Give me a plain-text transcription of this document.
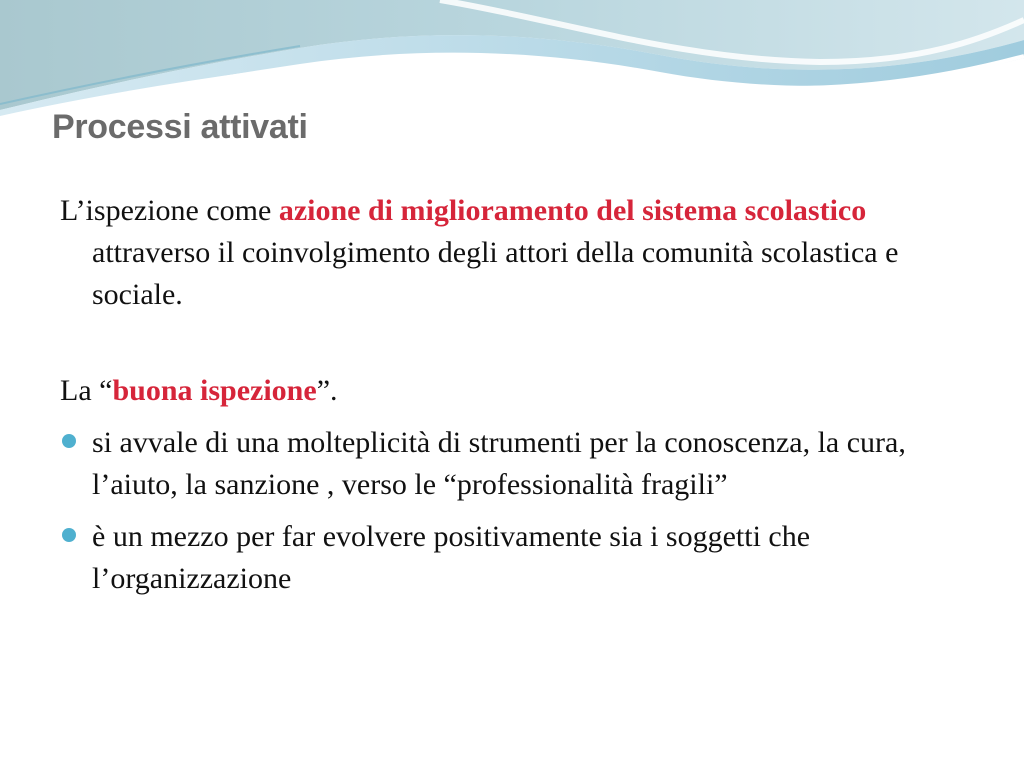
Processi attivati

L’ispezione come azione di miglioramento del sistema scolastico attraverso il coinvolgimento degli attori della comunità scolastica e sociale.

La “buona ispezione”.

si avvale di una molteplicità di strumenti per la conoscenza, la cura, l’aiuto, la sanzione , verso le “professionalità fragili”
è un mezzo per far evolvere positivamente sia i soggetti che l’organizzazione
